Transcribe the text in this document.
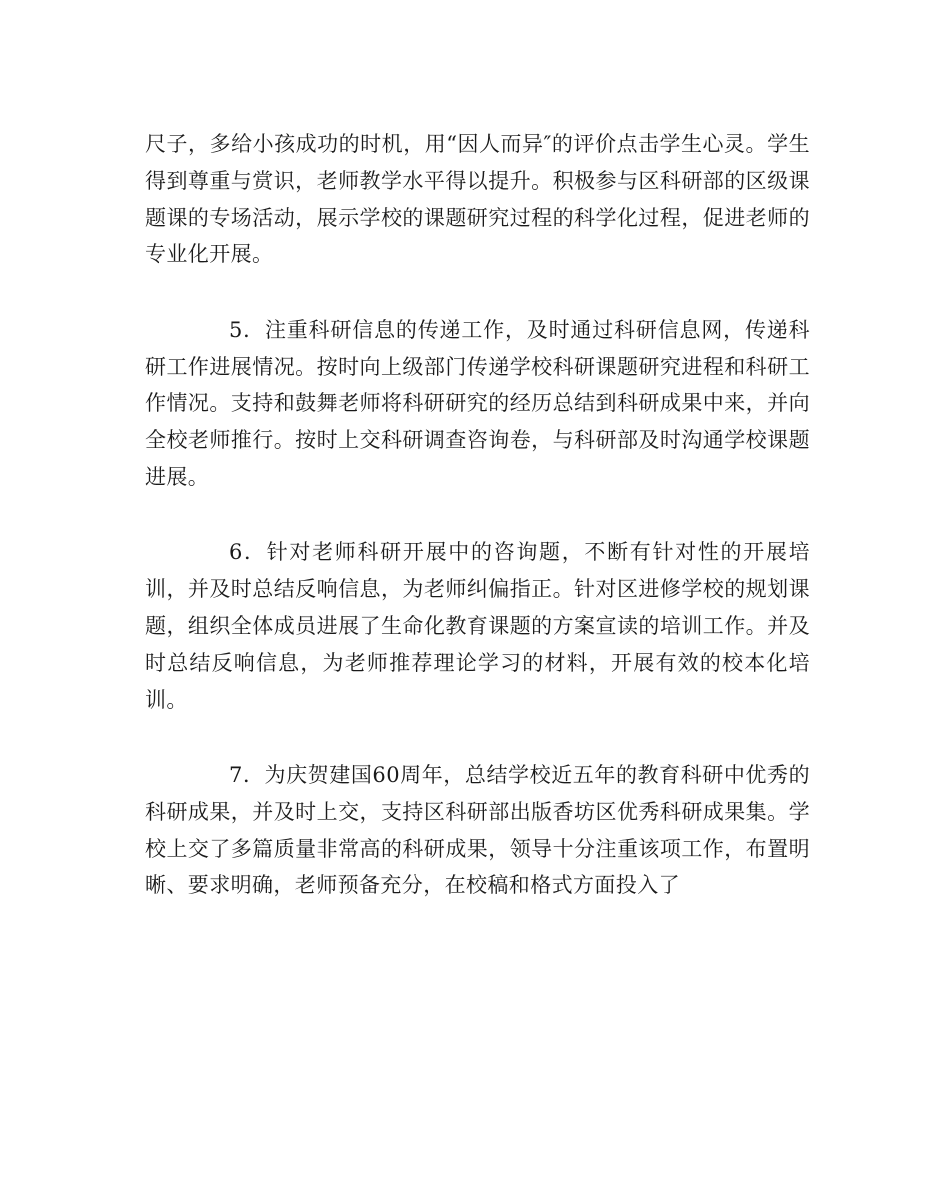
尺子，多给小孩成功的时机，用“因人而异″的评价点击学生心灵。学生得到尊重与赏识，老师教学水平得以提升。积极参与区科研部的区级课题课的专场活动，展示学校的课题研究过程的科学化过程，促进老师的专业化开展。

5．注重科研信息的传递工作，及时通过科研信息网，传递科研工作进展情况。按时向上级部门传递学校科研课题研究进程和科研工作情况。支持和鼓舞老师将科研研究的经历总结到科研成果中来，并向全校老师推行。按时上交科研调查咨询卷，与科研部及时沟通学校课题进展。

6．针对老师科研开展中的咨询题，不断有针对性的开展培训，并及时总结反响信息，为老师纠偏指正。针对区进修学校的规划课题，组织全体成员进展了生命化教育课题的方案宣读的培训工作。并及时总结反响信息，为老师推荐理论学习的材料，开展有效的校本化培训。

7．为庆贺建国60周年，总结学校近五年的教育科研中优秀的科研成果，并及时上交，支持区科研部出版香坊区优秀科研成果集。学校上交了多篇质量非常高的科研成果，领导十分注重该项工作，布置明晰、要求明确，老师预备充分，在校稿和格式方面投入了
